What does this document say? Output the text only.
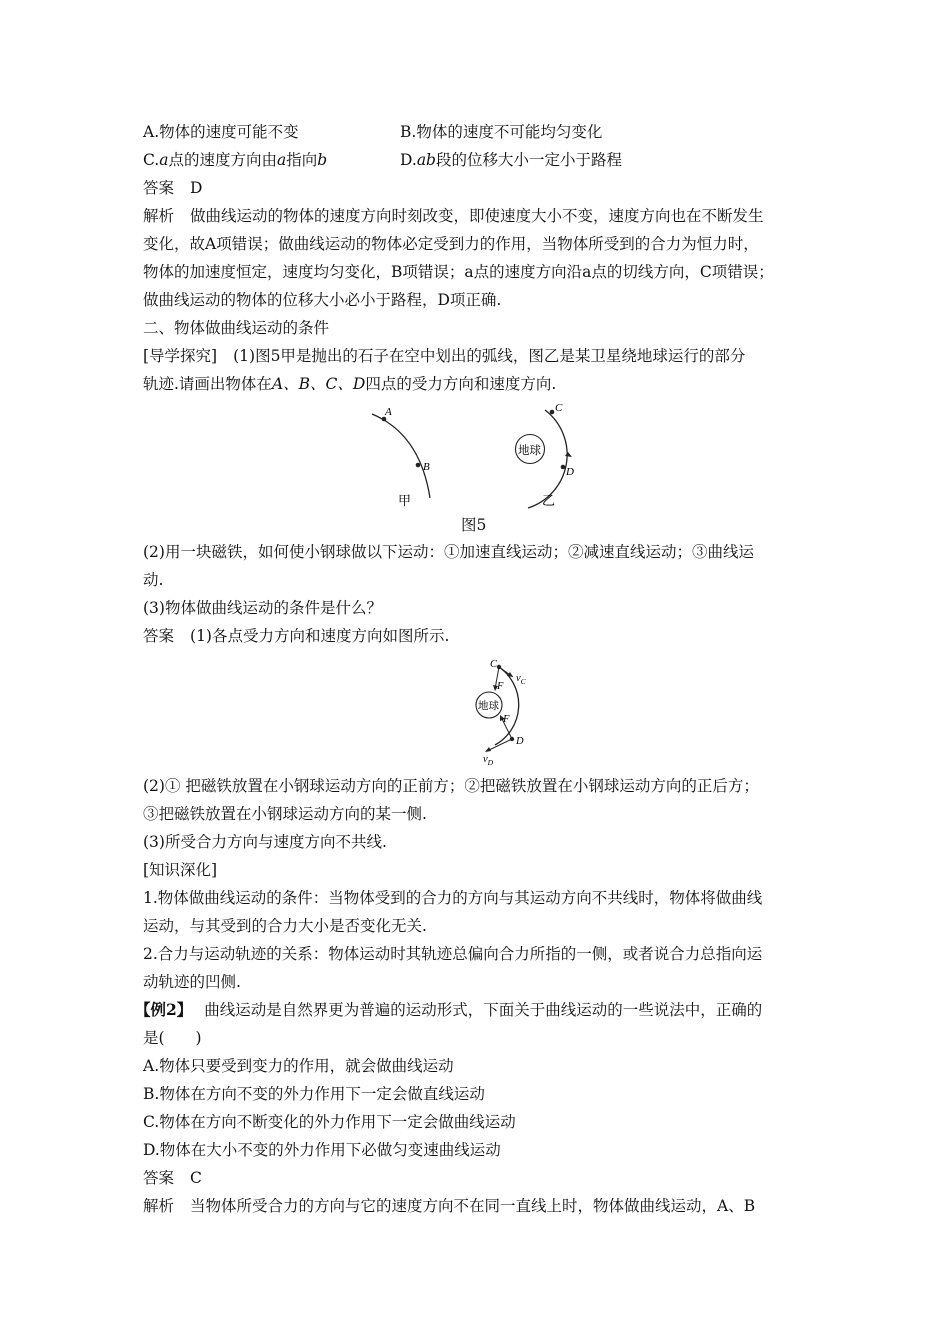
A.物体的速度可能不变	B.物体的速度不可能均匀变化
C.a点的速度方向由a指向b	D.ab段的位移大小一定小于路程
答案 D
解析 做曲线运动的物体的速度方向时刻改变，即使速度大小不变，速度方向也在不断发生
变化，故A项错误；做曲线运动的物体必定受到力的作用，当物体所受到的合力为恒力时，
物体的加速度恒定，速度均匀变化，B项错误；a点的速度方向沿a点的切线方向，C项错误；
做曲线运动的物体的位移大小必小于路程，D项正确.
二、物体做曲线运动的条件
[导学探究] (1)图5甲是抛出的石子在空中划出的弧线，图乙是某卫星绕地球运行的部分
轨迹.请画出物体在A、B、C、D四点的受力方向和速度方向.
A
B
甲
C
D
地球
乙
图5
(2)用一块磁铁，如何使小钢球做以下运动：①加速直线运动；②减速直线运动；③曲线运
动.
(3)物体做曲线运动的条件是什么？
答案 (1)各点受力方向和速度方向如图所示.
C
$v_C$
F
地球
F
D
$v_D$
(2)① 把磁铁放置在小钢球运动方向的正前方；②把磁铁放置在小钢球运动方向的正后方；
③把磁铁放置在小钢球运动方向的某一侧.
(3)所受合力方向与速度方向不共线.
[知识深化]
1.物体做曲线运动的条件：当物体受到的合力的方向与其运动方向不共线时，物体将做曲线
运动，与其受到的合力大小是否变化无关.
2.合力与运动轨迹的关系：物体运动时其轨迹总偏向合力所指的一侧，或者说合力总指向运
动轨迹的凹侧.
【例2】 曲线运动是自然界更为普遍的运动形式，下面关于曲线运动的一些说法中，正确的
是(　　)
A.物体只要受到变力的作用，就会做曲线运动
B.物体在方向不变的外力作用下一定会做直线运动
C.物体在方向不断变化的外力作用下一定会做曲线运动
D.物体在大小不变的外力作用下必做匀变速曲线运动
答案 C
解析 当物体所受合力的方向与它的速度方向不在同一直线上时，物体做曲线运动，A、B
